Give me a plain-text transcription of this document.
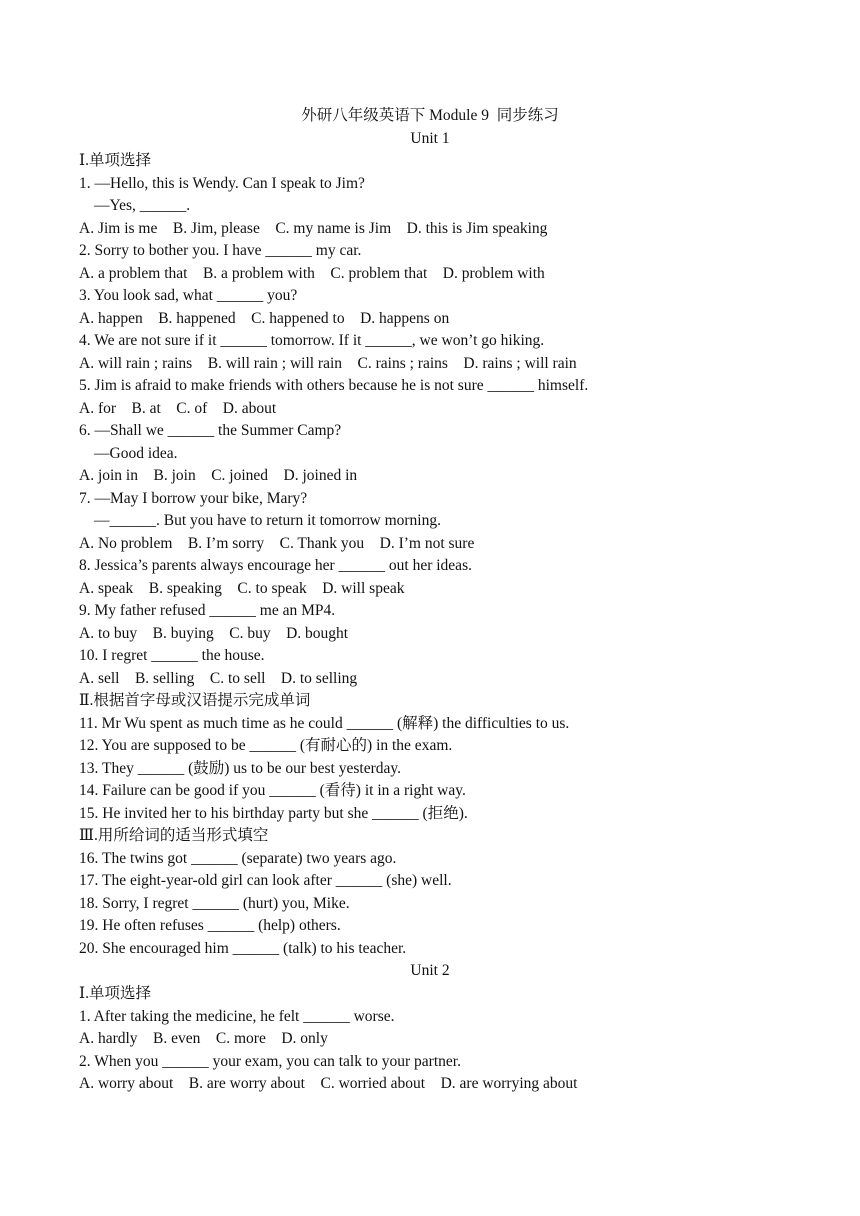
外研八年级英语下 Module 9  同步练习
Unit 1
Ⅰ.单项选择
1. —Hello, this is Wendy. Can I speak to Jim?
—Yes, ______.
A. Jim is me    B. Jim, please    C. my name is Jim    D. this is Jim speaking
2. Sorry to bother you. I have ______ my car.
A. a problem that    B. a problem with    C. problem that    D. problem with
3. You look sad, what ______ you?
A. happen    B. happened    C. happened to    D. happens on
4. We are not sure if it ______ tomorrow. If it ______, we won’t go hiking.
A. will rain ; rains    B. will rain ; will rain    C. rains ; rains    D. rains ; will rain
5. Jim is afraid to make friends with others because he is not sure ______ himself.
A. for    B. at    C. of    D. about
6. —Shall we ______ the Summer Camp?
—Good idea.
A. join in    B. join    C. joined    D. joined in
7. —May I borrow your bike, Mary?
—______. But you have to return it tomorrow morning.
A. No problem    B. I’m sorry    C. Thank you    D. I’m not sure
8. Jessica’s parents always encourage her ______ out her ideas.
A. speak    B. speaking    C. to speak    D. will speak
9. My father refused ______ me an MP4.
A. to buy    B. buying    C. buy    D. bought
10. I regret ______ the house.
A. sell    B. selling    C. to sell    D. to selling
Ⅱ.根据首字母或汉语提示完成单词
11. Mr Wu spent as much time as he could ______ (解释) the difficulties to us.
12. You are supposed to be ______ (有耐心的) in the exam.
13. They ______ (鼓励) us to be our best yesterday.
14. Failure can be good if you ______ (看待) it in a right way.
15. He invited her to his birthday party but she ______ (拒绝).
Ⅲ.用所给词的适当形式填空
16. The twins got ______ (separate) two years ago.
17. The eight-year-old girl can look after ______ (she) well.
18. Sorry, I regret ______ (hurt) you, Mike.
19. He often refuses ______ (help) others.
20. She encouraged him ______ (talk) to his teacher.
Unit 2
Ⅰ.单项选择
1. After taking the medicine, he felt ______ worse.
A. hardly    B. even    C. more    D. only
2. When you ______ your exam, you can talk to your partner.
A. worry about    B. are worry about    C. worried about    D. are worrying about
